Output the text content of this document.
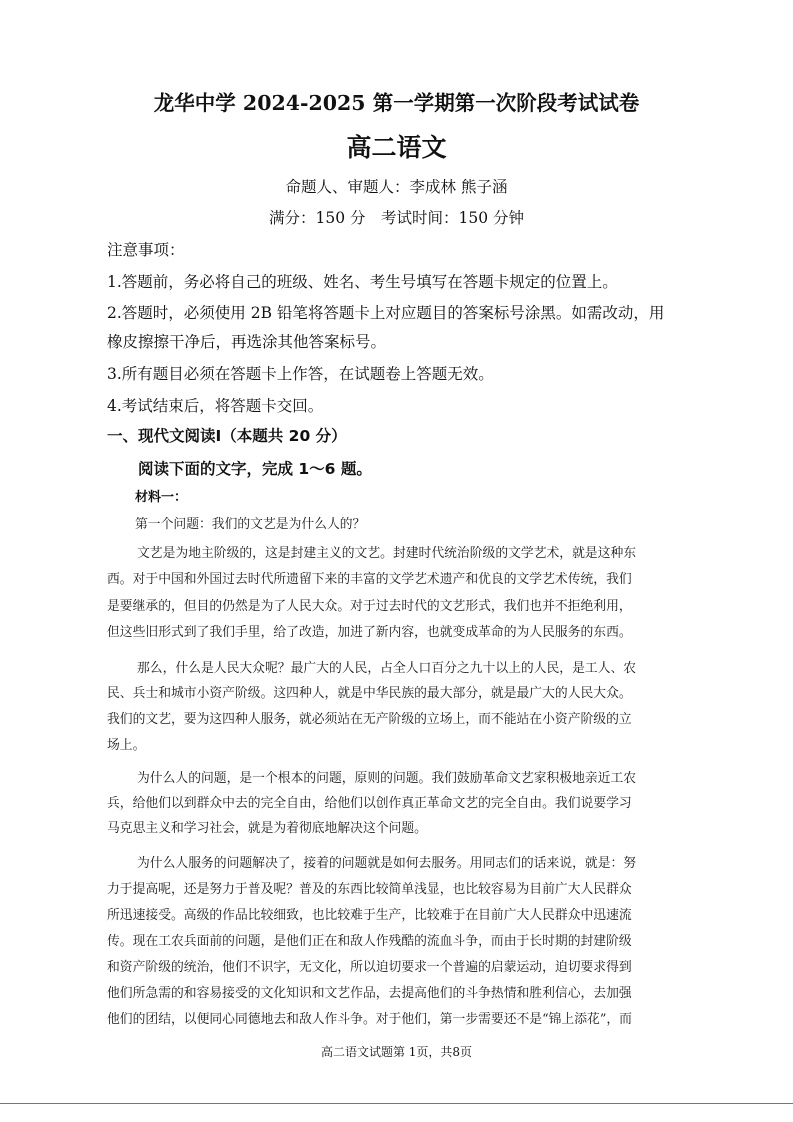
龙华中学 2024-2025 第一学期第一次阶段考试试卷
高二语文
命题人、审题人：李成林 熊子涵
满分：150 分　考试时间：150 分钟
注意事项：
1.答题前，务必将自己的班级、姓名、考生号填写在答题卡规定的位置上。
2.答题时，必须使用 2B 铅笔将答题卡上对应题目的答案标号涂黑。如需改动，用
橡皮擦擦干净后，再选涂其他答案标号。
3.所有题目必须在答题卡上作答，在试题卷上答题无效。
4.考试结束后，将答题卡交回。
一、现代文阅读Ⅰ（本题共 20 分）
阅读下面的文字，完成 1～6 题。
材料一：
第一个问题：我们的文艺是为什么人的？
文艺是为地主阶级的，这是封建主义的文艺。封建时代统治阶级的文学艺术，就是这种东
西。对于中国和外国过去时代所遗留下来的丰富的文学艺术遗产和优良的文学艺术传统，我们
是要继承的，但目的仍然是为了人民大众。对于过去时代的文艺形式，我们也并不拒绝利用，
但这些旧形式到了我们手里，给了改造，加进了新内容，也就变成革命的为人民服务的东西。
那么，什么是人民大众呢？最广大的人民，占全人口百分之九十以上的人民，是工人、农
民、兵士和城市小资产阶级。这四种人，就是中华民族的最大部分，就是最广大的人民大众。
我们的文艺，要为这四种人服务，就必须站在无产阶级的立场上，而不能站在小资产阶级的立
场上。
为什么人的问题，是一个根本的问题，原则的问题。我们鼓励革命文艺家积极地亲近工农
兵，给他们以到群众中去的完全自由，给他们以创作真正革命文艺的完全自由。我们说要学习
马克思主义和学习社会，就是为着彻底地解决这个问题。
为什么人服务的问题解决了，接着的问题就是如何去服务。用同志们的话来说，就是：努
力于提高呢，还是努力于普及呢？普及的东西比较简单浅显，也比较容易为目前广大人民群众
所迅速接受。高级的作品比较细致，也比较难于生产，比较难于在目前广大人民群众中迅速流
传。现在工农兵面前的问题，是他们正在和敌人作残酷的流血斗争，而由于长时期的封建阶级
和资产阶级的统治，他们不识字，无文化，所以迫切要求一个普遍的启蒙运动，迫切要求得到
他们所急需的和容易接受的文化知识和文艺作品，去提高他们的斗争热情和胜利信心，去加强
他们的团结，以便同心同德地去和敌人作斗争。对于他们，第一步需要还不是“锦上添花”，而
高二语文试题第 1页，共8页
